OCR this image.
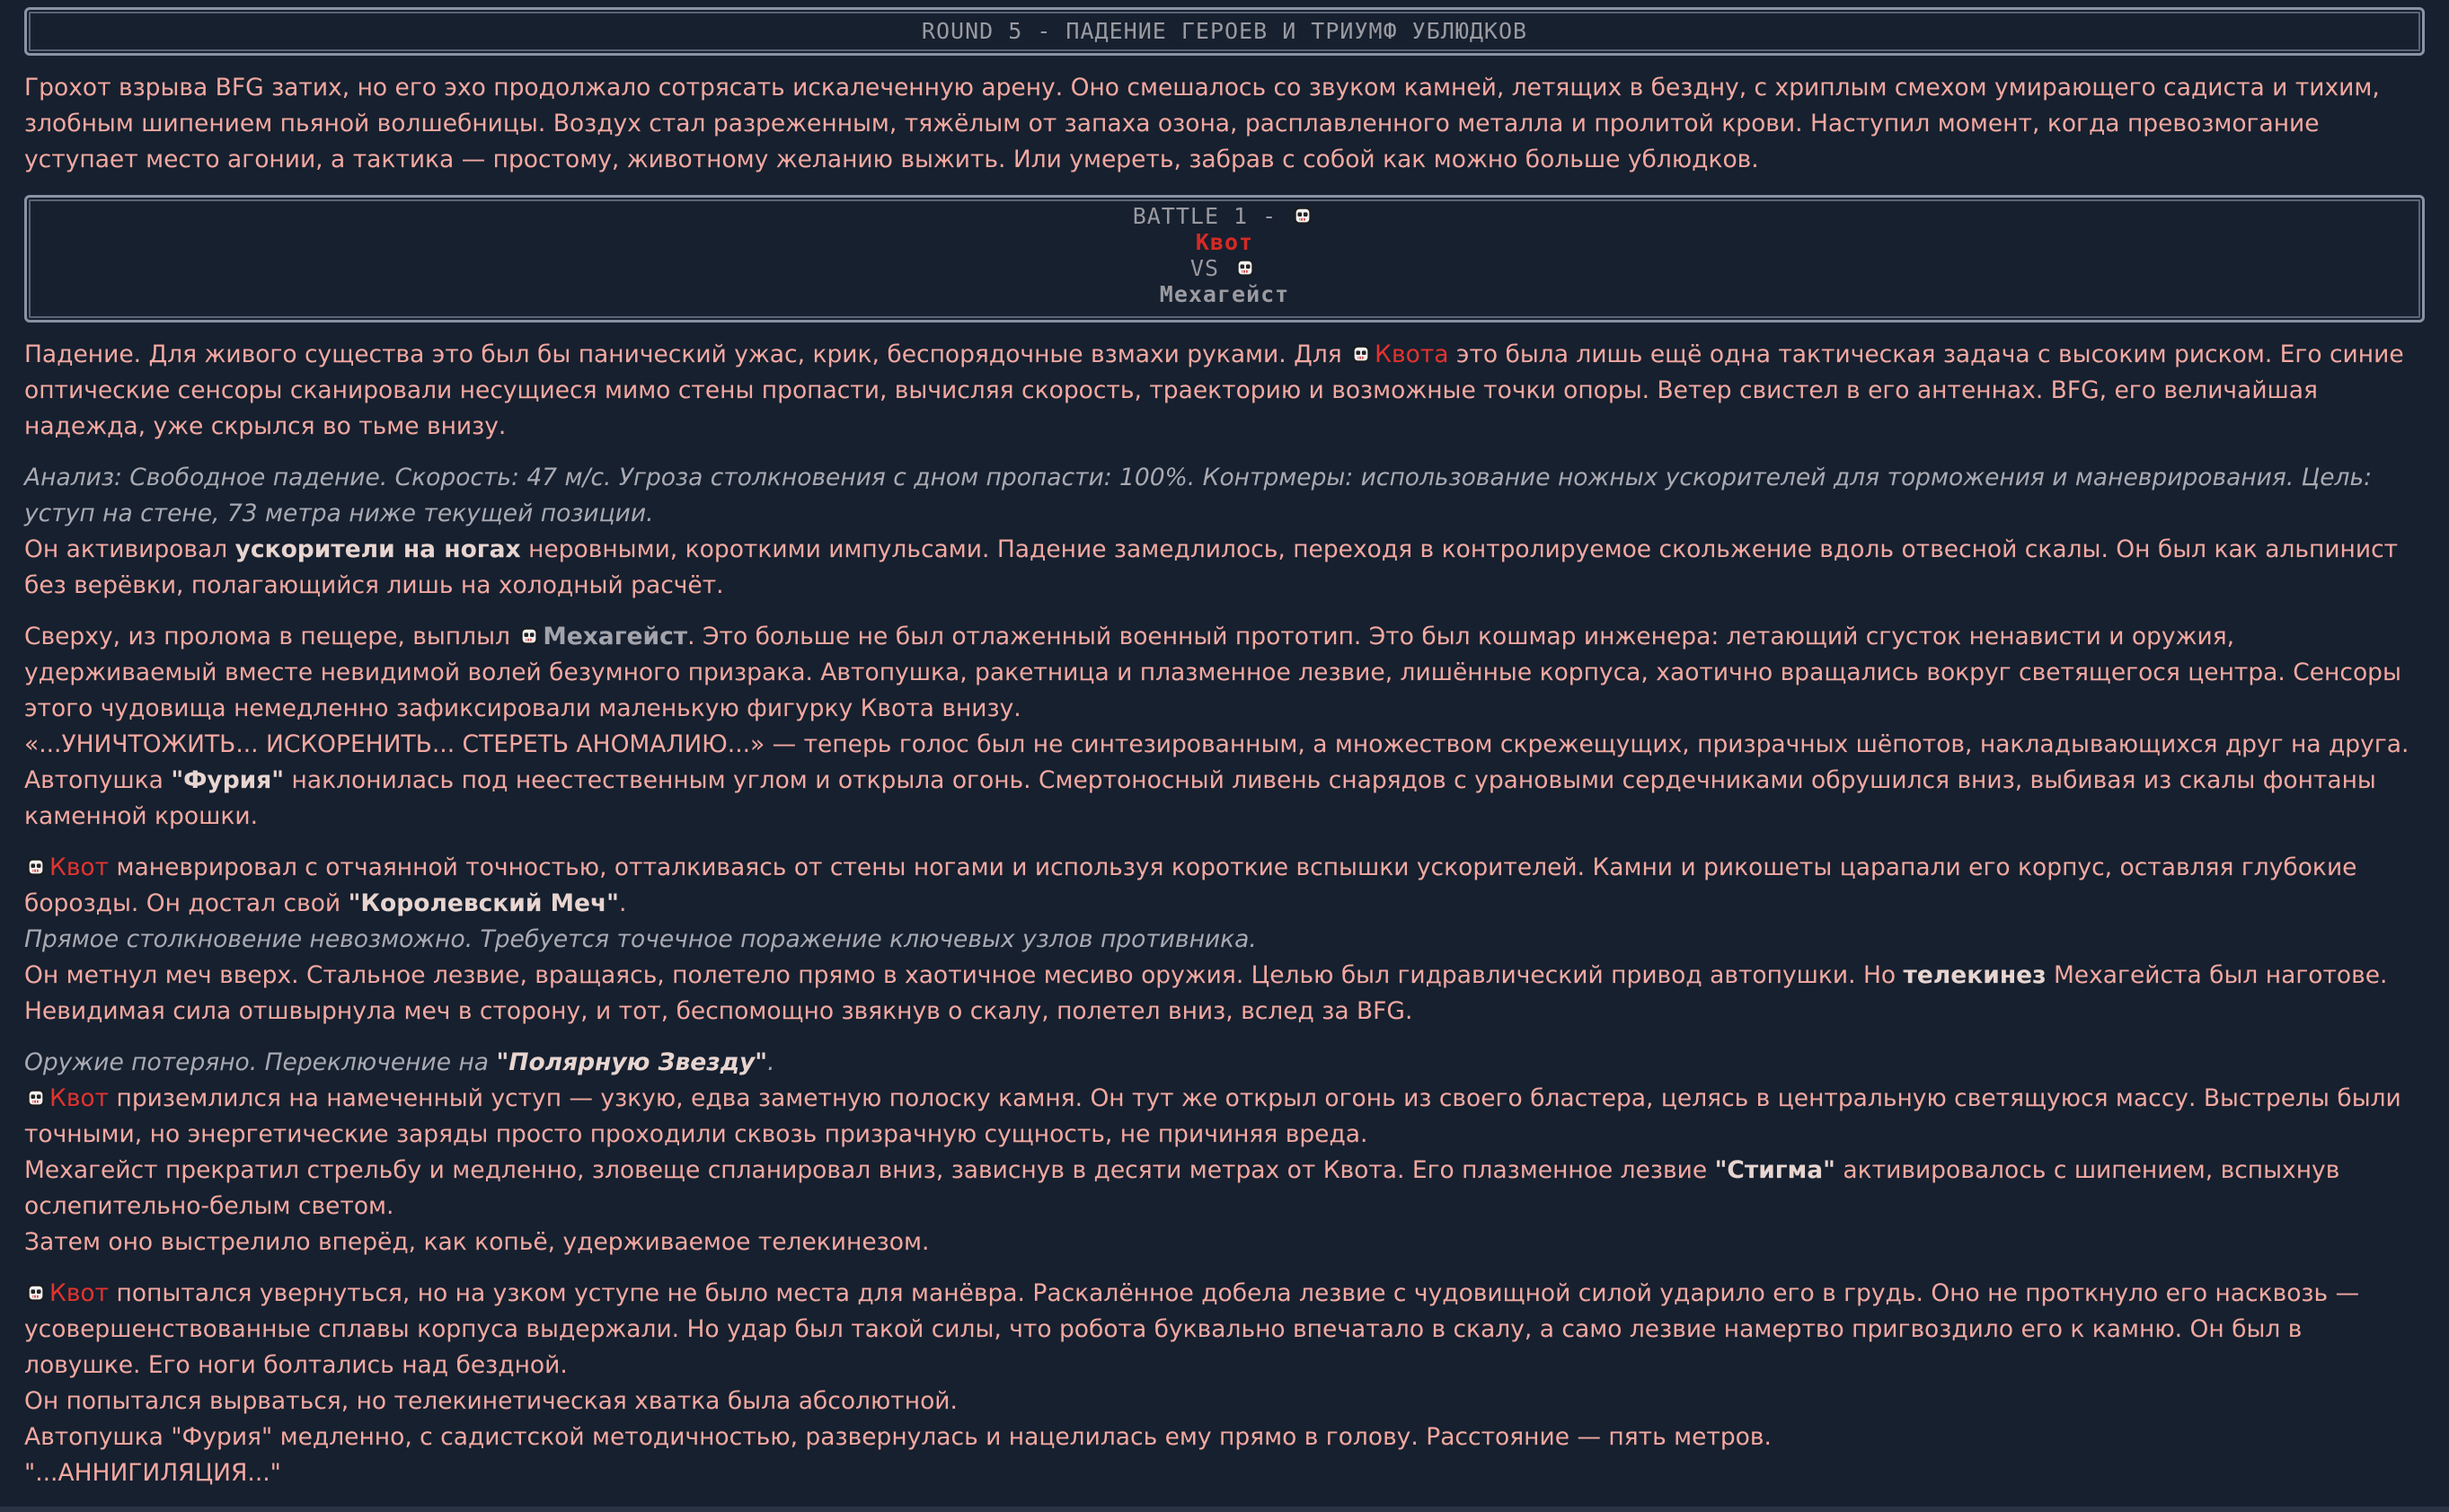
ROUND 5 - ПАДЕНИЕ ГЕРОЕВ И ТРИУМФ УБЛЮДКОВ

Грохот взрыва BFG затих, но его эхо продолжало сотрясать искалеченную арену. Оно смешалось со звуком камней, летящих в бездну, с хриплым смехом умирающего садиста и тихим, злобным шипением пьяной волшебницы. Воздух стал разреженным, тяжёлым от запаха озона, расплавленного металла и пролитой крови. Наступил момент, когда превозмогание уступает место агонии, а тактика — простому, животному желанию выжить. Или умереть, забрав с собой как можно больше ублюдков.

BATTLE 1 -
Квот
VS
Мехагейст

Падение. Для живого существа это был бы панический ужас, крик, беспорядочные взмахи руками. Для Квота это была лишь ещё одна тактическая задача с высоким риском. Его синие оптические сенсоры сканировали несущиеся мимо стены пропасти, вычисляя скорость, траекторию и возможные точки опоры. Ветер свистел в его антеннах. BFG, его величайшая надежда, уже скрылся во тьме внизу.

Анализ: Свободное падение. Скорость: 47 м/с. Угроза столкновения с дном пропасти: 100%. Контрмеры: использование ножных ускорителей для торможения и маневрирования. Цель: уступ на стене, 73 метра ниже текущей позиции.

Он активировал ускорители на ногах неровными, короткими импульсами. Падение замедлилось, переходя в контролируемое скольжение вдоль отвесной скалы. Он был как альпинист без верёвки, полагающийся лишь на холодный расчёт.

Сверху, из пролома в пещере, выплыл Мехагейст. Это больше не был отлаженный военный прототип. Это был кошмар инженера: летающий сгусток ненависти и оружия, удерживаемый вместе невидимой волей безумного призрака. Автопушка, ракетница и плазменное лезвие, лишённые корпуса, хаотично вращались вокруг светящегося центра. Сенсоры этого чудовища немедленно зафиксировали маленькую фигурку Квота внизу.

«...УНИЧТОЖИТЬ... ИСКОРЕНИТЬ... СТЕРЕТЬ АНОМАЛИЮ...» — теперь голос был не синтезированным, а множеством скрежещущих, призрачных шёпотов, накладывающихся друг на друга.

Автопушка "Фурия" наклонилась под неестественным углом и открыла огонь. Смертоносный ливень снарядов с урановыми сердечниками обрушился вниз, выбивая из скалы фонтаны каменной крошки.

Квот маневрировал с отчаянной точностью, отталкиваясь от стены ногами и используя короткие вспышки ускорителей. Камни и рикошеты царапали его корпус, оставляя глубокие борозды. Он достал свой "Королевский Меч".

Прямое столкновение невозможно. Требуется точечное поражение ключевых узлов противника.

Он метнул меч вверх. Стальное лезвие, вращаясь, полетело прямо в хаотичное месиво оружия. Целью был гидравлический привод автопушки. Но телекинез Мехагейста был наготове. Невидимая сила отшвырнула меч в сторону, и тот, беспомощно звякнув о скалу, полетел вниз, вслед за BFG.

Оружие потеряно. Переключение на "Полярную Звезду".

Квот приземлился на намеченный уступ — узкую, едва заметную полоску камня. Он тут же открыл огонь из своего бластера, целясь в центральную светящуюся массу. Выстрелы были точными, но энергетические заряды просто проходили сквозь призрачную сущность, не причиняя вреда.

Мехагейст прекратил стрельбу и медленно, зловеще спланировал вниз, зависнув в десяти метрах от Квота. Его плазменное лезвие "Стигма" активировалось с шипением, вспыхнув ослепительно-белым светом.

Затем оно выстрелило вперёд, как копьё, удерживаемое телекинезом.

Квот попытался увернуться, но на узком уступе не было места для манёвра. Раскалённое добела лезвие с чудовищной силой ударило его в грудь. Оно не проткнуло его насквозь — усовершенствованные сплавы корпуса выдержали. Но удар был такой силы, что робота буквально впечатало в скалу, а само лезвие намертво пригвоздило его к камню. Он был в ловушке. Его ноги болтались над бездной.

Он попытался вырваться, но телекинетическая хватка была абсолютной.

Автопушка "Фурия" медленно, с садистской методичностью, развернулась и нацелилась ему прямо в голову. Расстояние — пять метров.

"...АННИГИЛЯЦИЯ..."
